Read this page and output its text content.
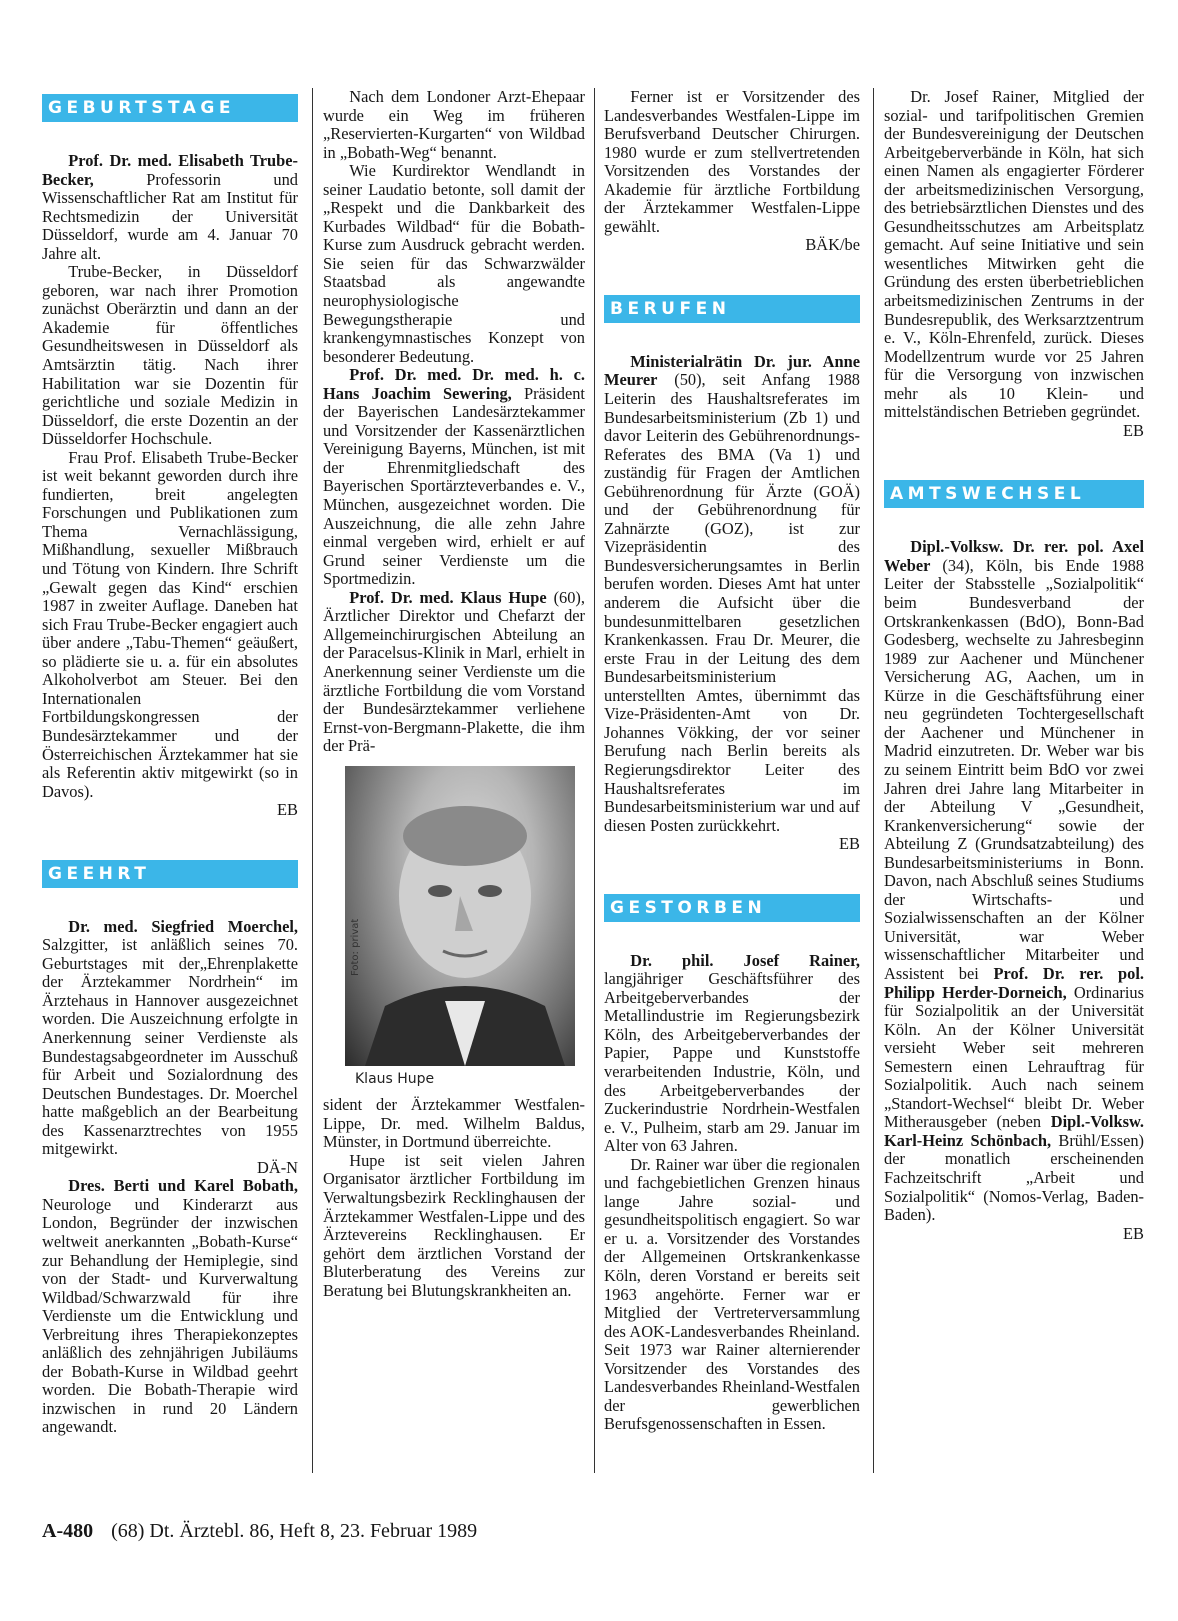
GEBURTSTAGE

Prof. Dr. med. Elisabeth Trube-Becker, Professorin und Wissenschaftlicher Rat am Institut für Rechtsmedizin der Universität Düsseldorf, wurde am 4. Januar 70 Jahre alt.

Trube-Becker, in Düsseldorf geboren, war nach ihrer Promotion zunächst Oberärztin und dann an der Akademie für öffentliches Gesundheitswesen in Düsseldorf als Amtsärztin tätig. Nach ihrer Habilitation war sie Dozentin für gerichtliche und soziale Medizin in Düsseldorf, die erste Dozentin an der Düsseldorfer Hochschule.

Frau Prof. Elisabeth Trube-Becker ist weit bekannt geworden durch ihre fundierten, breit angelegten Forschungen und Publikationen zum Thema Vernachlässigung, Mißhandlung, sexueller Mißbrauch und Tötung von Kindern. Ihre Schrift „Gewalt gegen das Kind“ erschien 1987 in zweiter Auflage. Daneben hat sich Frau Trube-Becker engagiert auch über andere „Tabu-Themen“ geäußert, so plädierte sie u. a. für ein absolutes Alkoholverbot am Steuer. Bei den Internationalen Fortbildungskongressen der Bundesärztekammer und der Österreichischen Ärztekammer hat sie als Referentin aktiv mitgewirkt (so in Davos).

EB
GEEHRT

Dr. med. Siegfried Moerchel, Salzgitter, ist anläßlich seines 70. Geburtstages mit der„Ehrenplakette der Ärztekammer Nordrhein“ im Ärztehaus in Hannover ausgezeichnet worden. Die Auszeichnung erfolgte in Anerkennung seiner Verdienste als Bundestagsabgeordneter im Ausschuß für Arbeit und Sozialordnung des Deutschen Bundestages. Dr. Moerchel hatte maßgeblich an der Bearbeitung des Kassenarztrechtes von 1955 mitgewirkt.

DÄ-N

Dres. Berti und Karel Bobath, Neurologe und Kinderarzt aus London, Begründer der inzwischen weltweit anerkannten „Bobath-Kurse“ zur Behandlung der Hemiplegie, sind von der Stadt- und Kurverwaltung Wildbad/Schwarzwald für ihre Verdienste um die Entwicklung und Verbreitung ihres Therapiekonzeptes anläßlich des zehnjährigen Jubiläums der Bobath-Kurse in Wildbad geehrt worden. Die Bobath-Therapie wird inzwischen in rund 20 Ländern angewandt.

Nach dem Londoner Arzt-Ehepaar wurde ein Weg im früheren „Reservierten-Kurgarten“ von Wildbad in „Bobath-Weg“ benannt.

Wie Kurdirektor Wendlandt in seiner Laudatio betonte, soll damit der „Respekt und die Dankbarkeit des Kurbades Wildbad“ für die Bobath-Kurse zum Ausdruck gebracht werden. Sie seien für das Schwarzwälder Staatsbad als angewandte neurophysiologische Bewegungstherapie und krankengymnastisches Konzept von besonderer Bedeutung.

Prof. Dr. med. Dr. med. h. c. Hans Joachim Sewering, Präsident der Bayerischen Landesärztekammer und Vorsitzender der Kassenärztlichen Vereinigung Bayerns, München, ist mit der Ehrenmitgliedschaft des Bayerischen Sportärzteverbandes e. V., München, ausgezeichnet worden. Die Auszeichnung, die alle zehn Jahre einmal vergeben wird, erhielt er auf Grund seiner Verdienste um die Sportmedizin.

Prof. Dr. med. Klaus Hupe (60), Ärztlicher Direktor und Chefarzt der Allgemeinchirurgischen Abteilung an der Paracelsus-Klinik in Marl, erhielt in Anerkennung seiner Verdienste um die ärztliche Fortbildung die vom Vorstand der Bundesärztekammer verliehene Ernst-von-Bergmann-Plakette, die ihm der Prä-

Foto: privat
Klaus Hupe

sident der Ärztekammer Westfalen-Lippe, Dr. med. Wilhelm Baldus, Münster, in Dortmund überreichte.

Hupe ist seit vielen Jahren Organisator ärztlicher Fortbildung im Verwaltungsbezirk Recklinghausen der Ärztekammer Westfalen-Lippe und des Ärztevereins Recklinghausen. Er gehört dem ärztlichen Vorstand der Bluterberatung des Vereins zur Beratung bei Blutungskrankheiten an.

Ferner ist er Vorsitzender des Landesverbandes Westfalen-Lippe im Berufsverband Deutscher Chirurgen. 1980 wurde er zum stellvertretenden Vorsitzenden des Vorstandes der Akademie für ärztliche Fortbildung der Ärztekammer Westfalen-Lippe gewählt.

BÄK/be
BERUFEN

Ministerialrätin Dr. jur. Anne Meurer (50), seit Anfang 1988 Leiterin des Haushaltsreferates im Bundesarbeitsministerium (Zb 1) und davor Leiterin des Gebührenordnungs-Referates des BMA (Va 1) und zuständig für Fragen der Amtlichen Gebührenordnung für Ärzte (GOÄ) und der Gebührenordnung für Zahnärzte (GOZ), ist zur Vizepräsidentin des Bundesversicherungsamtes in Berlin berufen worden. Dieses Amt hat unter anderem die Aufsicht über die bundesunmittelbaren gesetzlichen Krankenkassen. Frau Dr. Meurer, die erste Frau in der Leitung des dem Bundesarbeitsministerium unterstellten Amtes, übernimmt das Vize-Präsidenten-Amt von Dr. Johannes Vökking, der vor seiner Berufung nach Berlin bereits als Regierungsdirektor Leiter des Haushaltsreferates im Bundesarbeitsministerium war und auf diesen Posten zurückkehrt.

EB
GESTORBEN

Dr. phil. Josef Rainer, langjähriger Geschäftsführer des Arbeitgeberverbandes der Metallindustrie im Regierungsbezirk Köln, des Arbeitgeberverbandes der Papier, Pappe und Kunststoffe verarbeitenden Industrie, Köln, und des Arbeitgeberverbandes der Zuckerindustrie Nordrhein-Westfalen e. V., Pulheim, starb am 29. Januar im Alter von 63 Jahren.

Dr. Rainer war über die regionalen und fachgebietlichen Grenzen hinaus lange Jahre sozial- und gesundheitspolitisch engagiert. So war er u. a. Vorsitzender des Vorstandes der Allgemeinen Ortskrankenkasse Köln, deren Vorstand er bereits seit 1963 angehörte. Ferner war er Mitglied der Vertreterversammlung des AOK-Landesverbandes Rheinland. Seit 1973 war Rainer alternierender Vorsitzender des Vorstandes des Landesverbandes Rheinland-Westfalen der gewerblichen Berufsgenossenschaften in Essen.

Dr. Josef Rainer, Mitglied der sozial- und tarifpolitischen Gremien der Bundesvereinigung der Deutschen Arbeitgeberverbände in Köln, hat sich einen Namen als engagierter Förderer der arbeitsmedizinischen Versorgung, des betriebsärztlichen Dienstes und des Gesundheitsschutzes am Arbeitsplatz gemacht. Auf seine Initiative und sein wesentliches Mitwirken geht die Gründung des ersten überbetrieblichen arbeitsmedizinischen Zentrums in der Bundesrepublik, des Werksarztzentrum e. V., Köln-Ehrenfeld, zurück. Dieses Modellzentrum wurde vor 25 Jahren für die Versorgung von inzwischen mehr als 10 Klein- und mittelständischen Betrieben gegründet.

EB
AMTSWECHSEL

Dipl.-Volksw. Dr. rer. pol. Axel Weber (34), Köln, bis Ende 1988 Leiter der Stabsstelle „Sozialpolitik“ beim Bundesverband der Ortskrankenkassen (BdO), Bonn-Bad Godesberg, wechselte zu Jahresbeginn 1989 zur Aachener und Münchener Versicherung AG, Aachen, um in Kürze in die Geschäftsführung einer neu gegründeten Tochtergesellschaft der Aachener und Münchener in Madrid einzutreten. Dr. Weber war bis zu seinem Eintritt beim BdO vor zwei Jahren drei Jahre lang Mitarbeiter in der Abteilung V „Gesundheit, Krankenversicherung“ sowie der Abteilung Z (Grundsatzabteilung) des Bundesarbeitsministeriums in Bonn. Davon, nach Abschluß seines Studiums der Wirtschafts- und Sozialwissenschaften an der Kölner Universität, war Weber wissenschaftlicher Mitarbeiter und Assistent bei Prof. Dr. rer. pol. Philipp Herder-Dorneich, Ordinarius für Sozialpolitik an der Universität Köln. An der Kölner Universität versieht Weber seit mehreren Semestern einen Lehrauftrag für Sozialpolitik. Auch nach seinem „Standort-Wechsel“ bleibt Dr. Weber Mitherausgeber (neben Dipl.-Volksw. Karl-Heinz Schönbach, Brühl/Essen) der monatlich erscheinenden Fachzeitschrift „Arbeit und Sozialpolitik“ (Nomos-Verlag, Baden-Baden).

EB
A-480 (68) Dt. Ärztebl. 86, Heft 8, 23. Februar 1989
